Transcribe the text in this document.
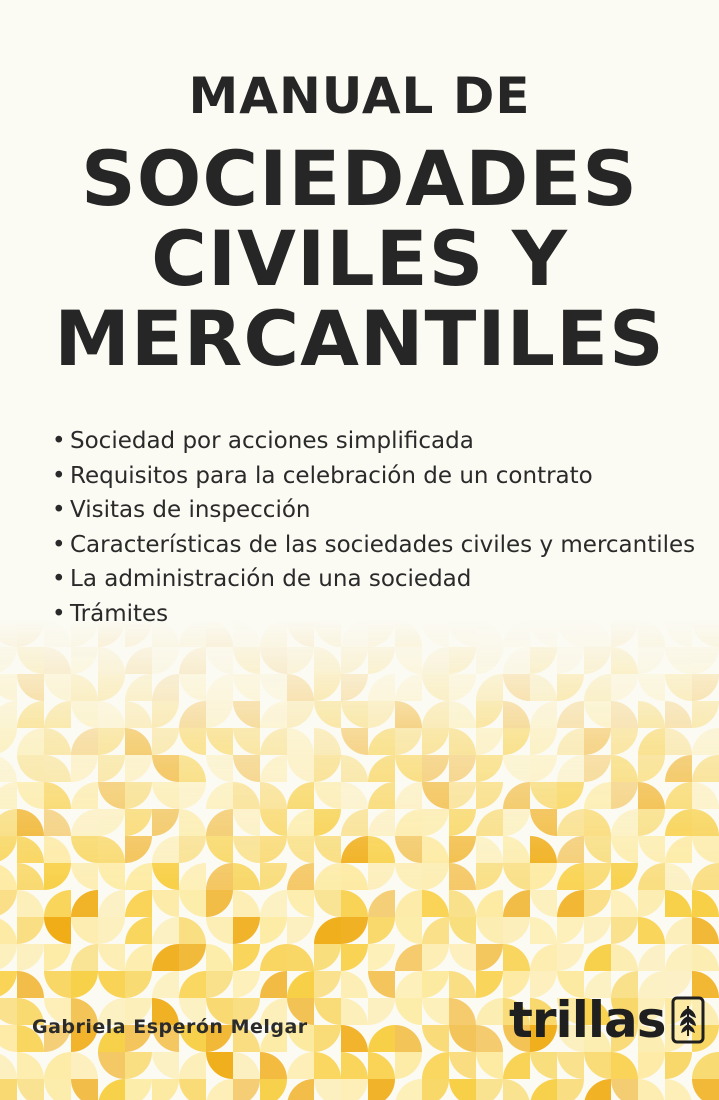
MANUAL DE
SOCIEDADES
CIVILES Y
MERCANTILES
• Sociedad por acciones simplificada
• Requisitos para la celebración de un contrato
• Visitas de inspección
• Características de las sociedades civiles y mercantiles
• La administración de una sociedad
• Trámites
Gabriela Esperón Melgar	trillas
